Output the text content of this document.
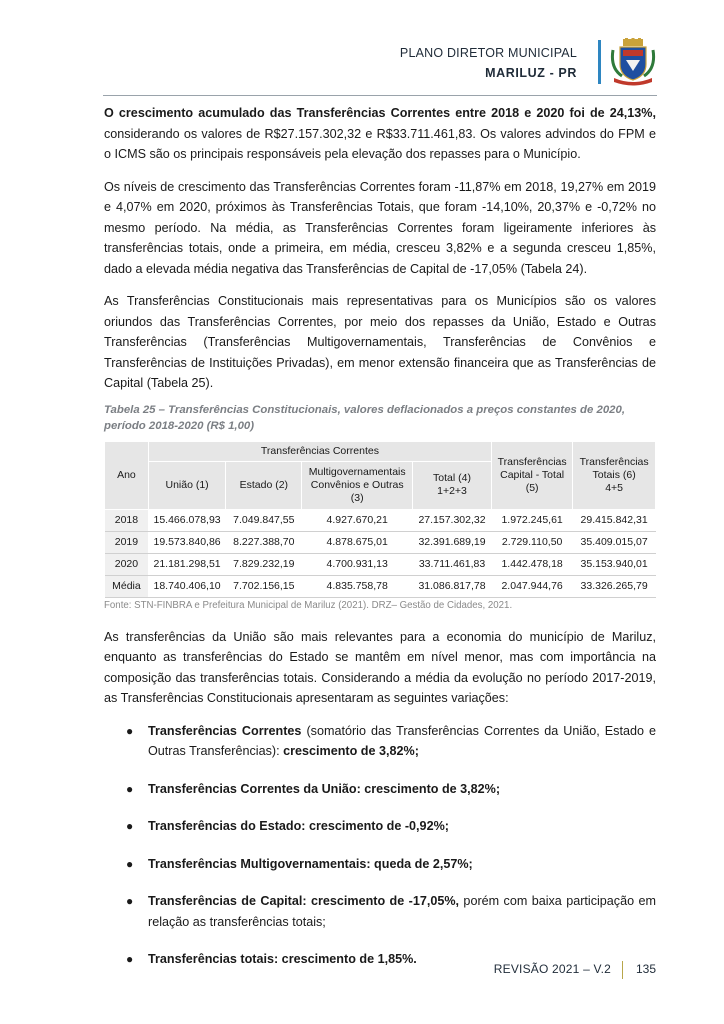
PLANO DIRETOR MUNICIPAL
MARILUZ - PR

O crescimento acumulado das Transferências Correntes entre 2018 e 2020 foi de 24,13%, considerando os valores de R$27.157.302,32 e R$33.711.461,83. Os valores advindos do FPM e o ICMS são os principais responsáveis pela elevação dos repasses para o Município.

Os níveis de crescimento das Transferências Correntes foram -11,87% em 2018, 19,27% em 2019 e 4,07% em 2020, próximos às Transferências Totais, que foram -14,10%, 20,37% e -0,72% no mesmo período. Na média, as Transferências Correntes foram ligeiramente inferiores às transferências totais, onde a primeira, em média, cresceu 3,82% e a segunda cresceu 1,85%, dado a elevada média negativa das Transferências de Capital de -17,05% (Tabela 24).

As Transferências Constitucionais mais representativas para os Municípios são os valores oriundos das Transferências Correntes, por meio dos repasses da União, Estado e Outras Transferências (Transferências Multigovernamentais, Transferências de Convênios e Transferências de Instituições Privadas), em menor extensão financeira que as Transferências de Capital (Tabela 25).

Tabela 25 – Transferências Constitucionais, valores deflacionados a preços constantes de 2020, período 2018-2020 (R$ 1,00)
Ano	Transferências Correntes				Transferências Capital - Total (5)	Transferências Totais (6)
4+5
	União (1)	Estado (2)	Multigovernamentais Convênios e Outras (3)	Total (4)
1+2+3		
2018	15.466.078,93	7.049.847,55	4.927.670,21	27.157.302,32	1.972.245,61	29.415.842,31
2019	19.573.840,86	8.227.388,70	4.878.675,01	32.391.689,19	2.729.110,50	35.409.015,07
2020	21.181.298,51	7.829.232,19	4.700.931,13	33.711.461,83	1.442.478,18	35.153.940,01
Média	18.740.406,10	7.702.156,15	4.835.758,78	31.086.817,78	2.047.944,76	33.326.265,79
Fonte: STN-FINBRA e Prefeitura Municipal de Mariluz (2021). DRZ– Gestão de Cidades, 2021.

As transferências da União são mais relevantes para a economia do município de Mariluz, enquanto as transferências do Estado se mantêm em nível menor, mas com importância na composição das transferências totais. Considerando a média da evolução no período 2017-2019, as Transferências Constitucionais apresentaram as seguintes variações:

● Transferências Correntes (somatório das Transferências Correntes da União, Estado e Outras Transferências): crescimento de 3,82%;
● Transferências Correntes da União: crescimento de 3,82%;
● Transferências do Estado: crescimento de -0,92%;
● Transferências Multigovernamentais: queda de 2,57%;
● Transferências de Capital: crescimento de -17,05%, porém com baixa participação em relação as transferências totais;
● Transferências totais: crescimento de 1,85%.
REVISÃO 2021 – V.2 135
